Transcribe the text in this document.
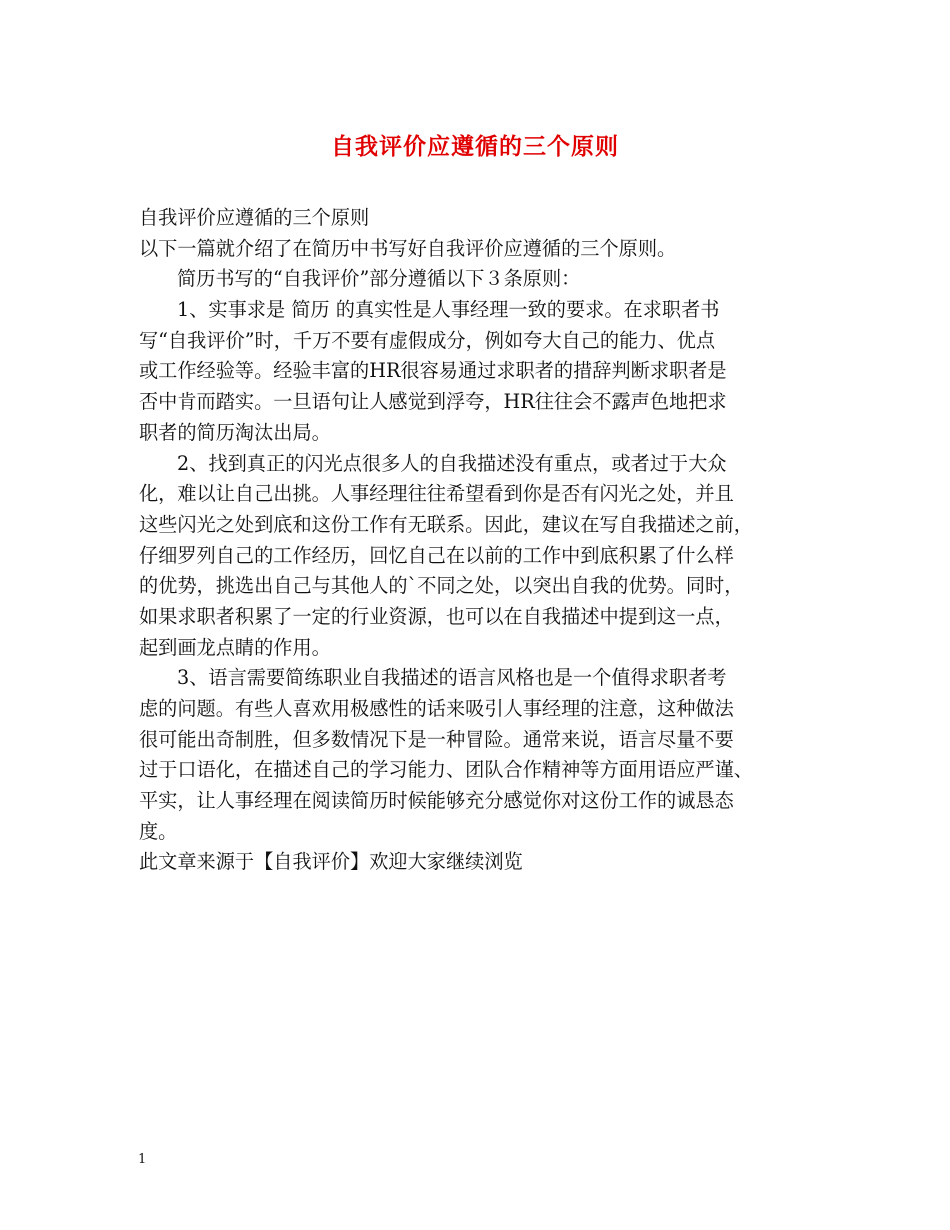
自我评价应遵循的三个原则
自我评价应遵循的三个原则
以下一篇就介绍了在简历中书写好自我评价应遵循的三个原则。
简历书写的“自我评价”部分遵循以下３条原则：
1、实事求是 简历 的真实性是人事经理一致的要求。在求职者书
写“自我评价”时，千万不要有虚假成分，例如夸大自己的能力、优点
或工作经验等。经验丰富的HR很容易通过求职者的措辞判断求职者是
否中肯而踏实。一旦语句让人感觉到浮夸，HR往往会不露声色地把求
职者的简历淘汰出局。
2、找到真正的闪光点很多人的自我描述没有重点，或者过于大众
化，难以让自己出挑。人事经理往往希望看到你是否有闪光之处，并且
这些闪光之处到底和这份工作有无联系。因此，建议在写自我描述之前，
仔细罗列自己的工作经历，回忆自己在以前的工作中到底积累了什么样
的优势，挑选出自己与其他人的`不同之处，以突出自我的优势。同时，
如果求职者积累了一定的行业资源，也可以在自我描述中提到这一点，
起到画龙点睛的作用。
3、语言需要简练职业自我描述的语言风格也是一个值得求职者考
虑的问题。有些人喜欢用极感性的话来吸引人事经理的注意，这种做法
很可能出奇制胜，但多数情况下是一种冒险。通常来说，语言尽量不要
过于口语化，在描述自己的学习能力、团队合作精神等方面用语应严谨、
平实，让人事经理在阅读简历时候能够充分感觉你对这份工作的诚恳态
度。
此文章来源于【自我评价】欢迎大家继续浏览
1
